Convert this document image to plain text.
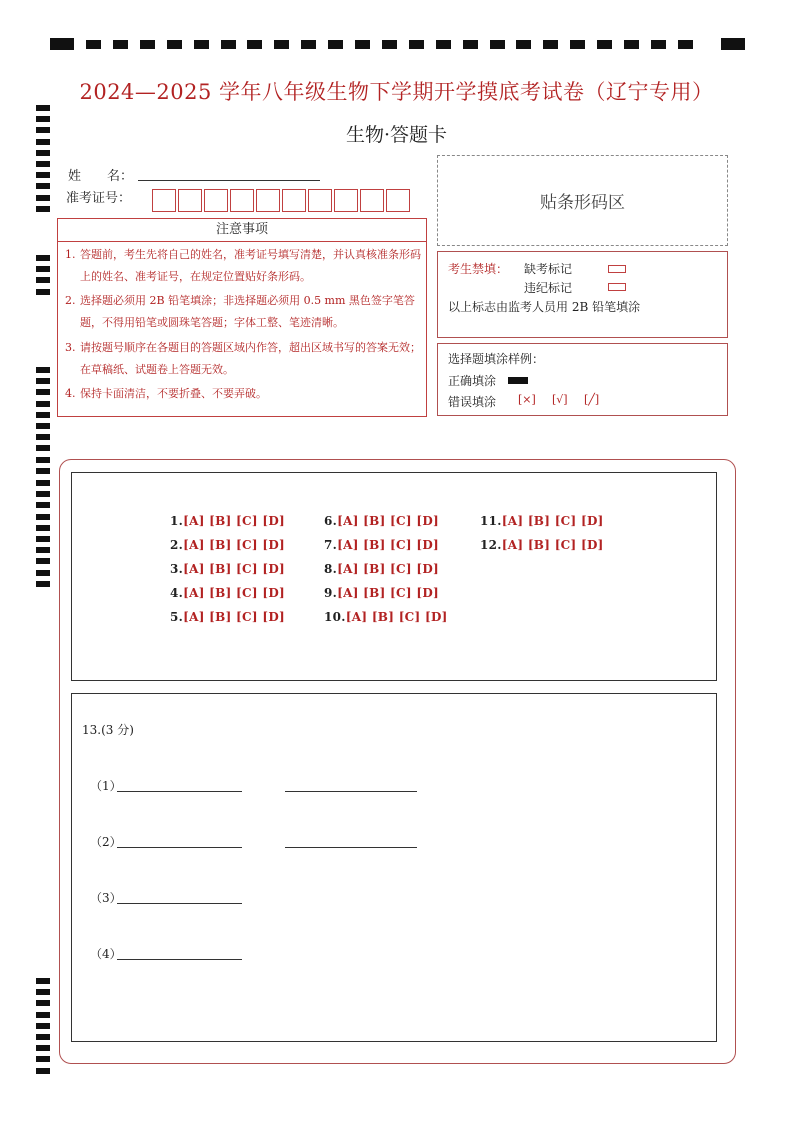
2024—2025 学年八年级生物下学期开学摸底考试卷（辽宁专用）
生物·答题卡
姓　　名：
准考证号：	贴条形码区
注意事项
1. 答题前，考生先将自己的姓名，准考证号填写清楚，并认真核准条形码上的姓名、准考证号，在规定位置贴好条形码。
2. 选择题必须用 2B 铅笔填涂；非选择题必须用 0.5 mm 黑色签字笔答题，不得用铅笔或圆珠笔答题；字体工整、笔迹清晰。
3. 请按题号顺序在各题目的答题区域内作答，超出区域书写的答案无效；在草稿纸、试题卷上答题无效。
4. 保持卡面清洁，不要折叠、不要弄破。
考生禁填： 缺考标记
违纪标记
以上标志由监考人员用 2B 铅笔填涂
选择题填涂样例：
正确填涂
错误填涂 [×] [√] [╱]
1.[A] [B] [C] [D]
2.[A] [B] [C] [D]
3.[A] [B] [C] [D]
4.[A] [B] [C] [D]
5.[A] [B] [C] [D]
6.[A] [B] [C] [D]
7.[A] [B] [C] [D]
8.[A] [B] [C] [D]
9.[A] [B] [C] [D]
10.[A] [B] [C] [D]
11.[A] [B] [C] [D]
12.[A] [B] [C] [D]
13.(3 分)
（1）
（2）
（3）
（4）
